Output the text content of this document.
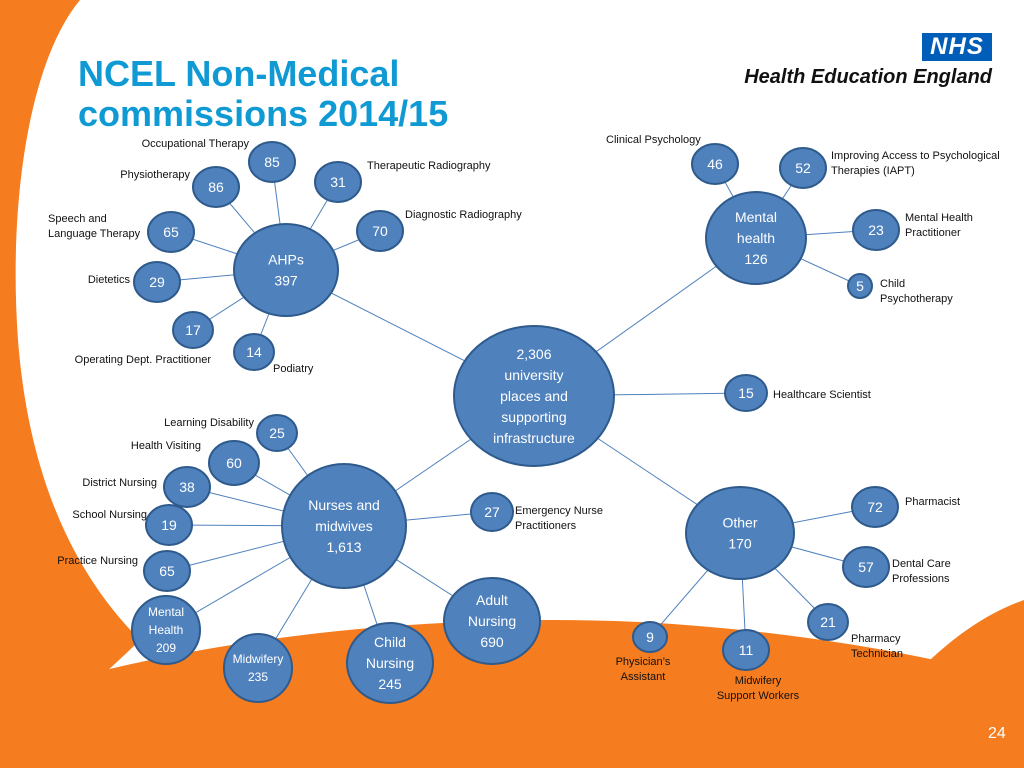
NCEL Non-Medical
commissions 2014/15
NHS
Health Education England
24
2,306
university
places and
supporting
infrastructure
AHPs
397
85
86	31
70
65
29
17
14
Mental
health
126
46	52
23
5
15
Other
170
72
57
21
11
9
Nurses and
midwives
1,613
25
60
38
19
65
27
Mental
Health
209
Midwifery
235
Child
Nursing
245
Adult
Nursing
690
Occupational Therapy
Physiotherapy
Therapeutic Radiography
Diagnostic Radiography
Speech and
Language Therapy
Dietetics
Podiatry
Operating Dept. Practitioner
Clinical Psychology
Improving Access to Psychological
Therapies (IAPT)
Mental Health
Practitioner
Child
Psychotherapy
Healthcare Scientist
Pharmacist
Dental Care
Professions
Pharmacy
Technician
Midwifery
Support Workers
Physician’s
Assistant
Learning Disability
Health Visiting
District Nursing
School Nursing
Practice Nursing
Emergency Nurse
Practitioners
